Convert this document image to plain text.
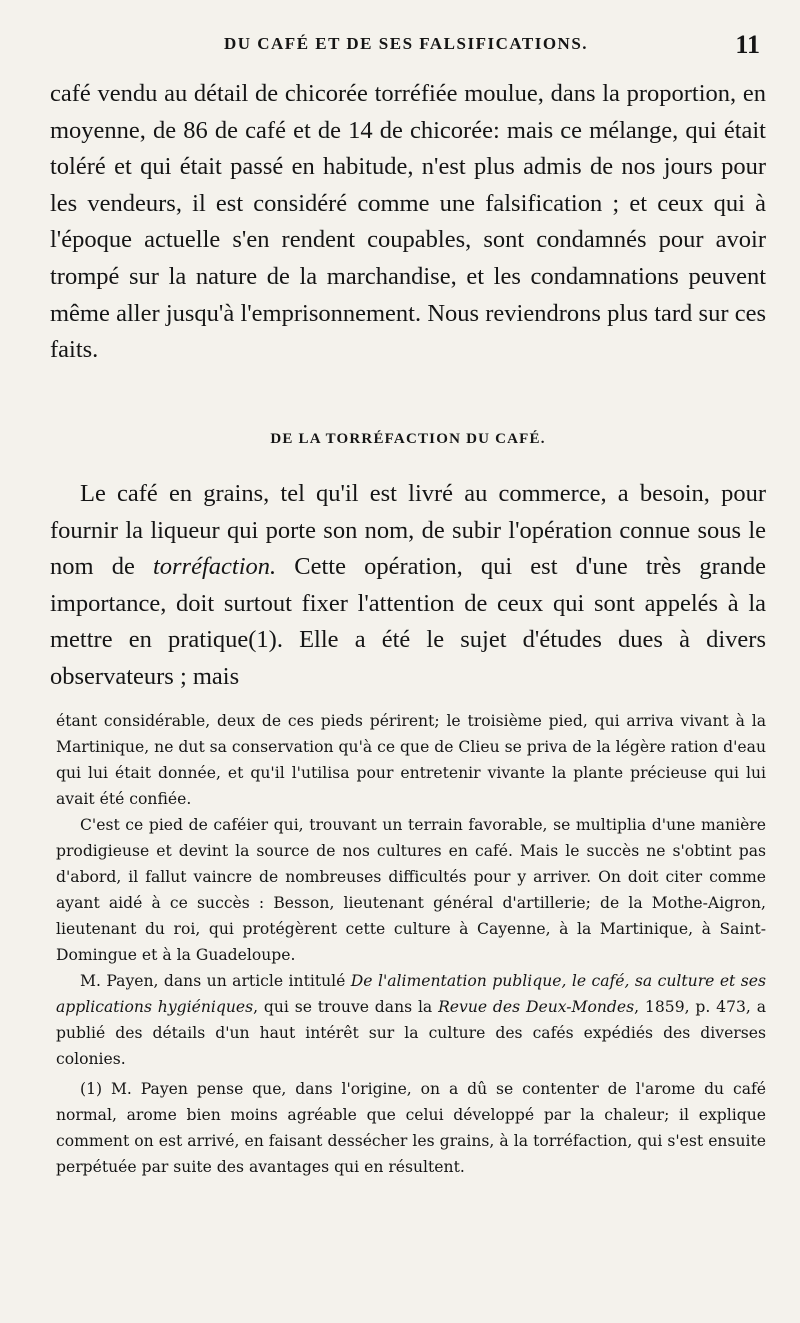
DU CAFÉ ET DE SES FALSIFICATIONS.	11

café vendu au détail de chicorée torréfiée moulue, dans la proportion, en moyenne, de 86 de café et de 14 de chicorée: mais ce mélange, qui était toléré et qui était passé en habitude, n'est plus admis de nos jours pour les vendeurs, il est considéré comme une falsification ; et ceux qui à l'époque actuelle s'en rendent coupables, sont condamnés pour avoir trompé sur la nature de la marchandise, et les condamnations peuvent même aller jusqu'à l'emprisonnement. Nous reviendrons plus tard sur ces faits.

DE LA TORRÉFACTION DU CAFÉ.

Le café en grains, tel qu'il est livré au commerce, a besoin, pour fournir la liqueur qui porte son nom, de subir l'opération connue sous le nom de torréfaction. Cette opération, qui est d'une très grande importance, doit surtout fixer l'attention de ceux qui sont appelés à la mettre en pratique(1). Elle a été le sujet d'études dues à divers observateurs ; mais

étant considérable, deux de ces pieds périrent; le troisième pied, qui arriva vivant à la Martinique, ne dut sa conservation qu'à ce que de Clieu se priva de la légère ration d'eau qui lui était donnée, et qu'il l'utilisa pour entretenir vivante la plante précieuse qui lui avait été confiée.

C'est ce pied de caféier qui, trouvant un terrain favorable, se multiplia d'une manière prodigieuse et devint la source de nos cultures en café. Mais le succès ne s'obtint pas d'abord, il fallut vaincre de nombreuses difficultés pour y arriver. On doit citer comme ayant aidé à ce succès : Besson, lieutenant général d'artillerie; de la Mothe-Aigron, lieutenant du roi, qui protégèrent cette culture à Cayenne, à la Martinique, à Saint-Domingue et à la Guadeloupe.

M. Payen, dans un article intitulé De l'alimentation publique, le café, sa culture et ses applications hygiéniques, qui se trouve dans la Revue des Deux-Mondes, 1859, p. 473, a publié des détails d'un haut intérêt sur la culture des cafés expédiés des diverses colonies.

(1) M. Payen pense que, dans l'origine, on a dû se contenter de l'arome du café normal, arome bien moins agréable que celui développé par la chaleur; il explique comment on est arrivé, en faisant dessécher les grains, à la torréfaction, qui s'est ensuite perpétuée par suite des avantages qui en résultent.
